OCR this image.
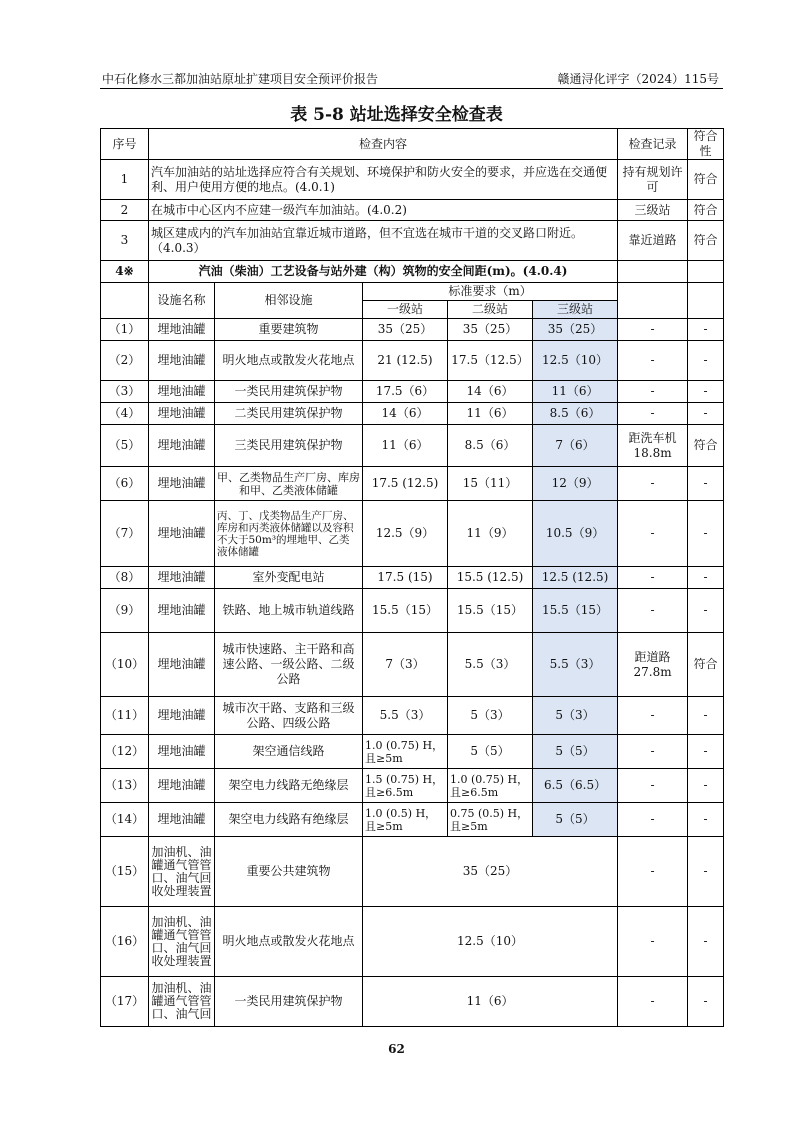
中石化修水三都加油站原址扩建项目安全预评价报告	赣通浔化评字（2024）115号
表 5-8 站址选择安全检查表
序号	检查内容					检查记录	符合性
1	汽车加油站的站址选择应符合有关规划、环境保护和防火安全的要求，并应选在交通便利、用户使用方便的地点。(4.0.1)					持有规划许可	符合
2	在城市中心区内不应建一级汽车加油站。(4.0.2)					三级站	符合
3	城区建成内的汽车加油站宜靠近城市道路，但不宜选在城市干道的交叉路口附近。（4.0.3）					靠近道路	符合
4※	汽油（柴油）工艺设备与站外建（构）筑物的安全间距(m)。(4.0.4)						
	设施名称	相邻设施	标准要求（m）				
			一级站	二级站	三级站		
（1）	埋地油罐	重要建筑物	35（25）	35（25）	35（25）	-	-
（2）	埋地油罐	明火地点或散发火花地点	21 (12.5)	17.5（12.5）	12.5（10）	-	-
（3）	埋地油罐	一类民用建筑保护物	17.5（6）	14（6）	11（6）	-	-
（4）	埋地油罐	二类民用建筑保护物	14（6）	11（6）	8.5（6）	-	-
（5）	埋地油罐	三类民用建筑保护物	11（6）	8.5（6）	7（6）	距洗车机18.8m	符合
（6）	埋地油罐	甲、乙类物品生产厂房、库房和甲、乙类液体储罐	17.5 (12.5)	15（11）	12（9）	-	-
（7）	埋地油罐	丙、丁、戊类物品生产厂房、库房和丙类液体储罐以及容积不大于50m³的埋地甲、乙类液体储罐	12.5（9）	11（9）	10.5（9）	-	-
（8）	埋地油罐	室外变配电站	17.5 (15)	15.5 (12.5)	12.5 (12.5)	-	-
（9）	埋地油罐	铁路、地上城市轨道线路	15.5（15）	15.5（15）	15.5（15）	-	-
（10）	埋地油罐	城市快速路、主干路和高速公路、一级公路、二级公路	7（3）	5.5（3）	5.5（3）	距道路27.8m	符合
（11）	埋地油罐	城市次干路、支路和三级公路、四级公路	5.5（3）	5（3）	5（3）	-	-
（12）	埋地油罐	架空通信线路	1.0 (0.75) H，且≥5m	5（5）	5（5）	-	-
（13）	埋地油罐	架空电力线路无绝缘层	1.5 (0.75) H，且≥6.5m	1.0 (0.75) H，且≥6.5m	6.5（6.5）	-	-
（14）	埋地油罐	架空电力线路有绝缘层	1.0 (0.5) H，且≥5m	0.75 (0.5) H，且≥5m	5（5）	-	-
（15）	加油机、油罐通气管管口、油气回收处理装置	重要公共建筑物	35（25）			-	-
（16）	加油机、油罐通气管管口、油气回收处理装置	明火地点或散发火花地点	12.5（10）			-	-
（17）	加油机、油罐通气管管口、油气回	一类民用建筑保护物	11（6）			-	-
62
